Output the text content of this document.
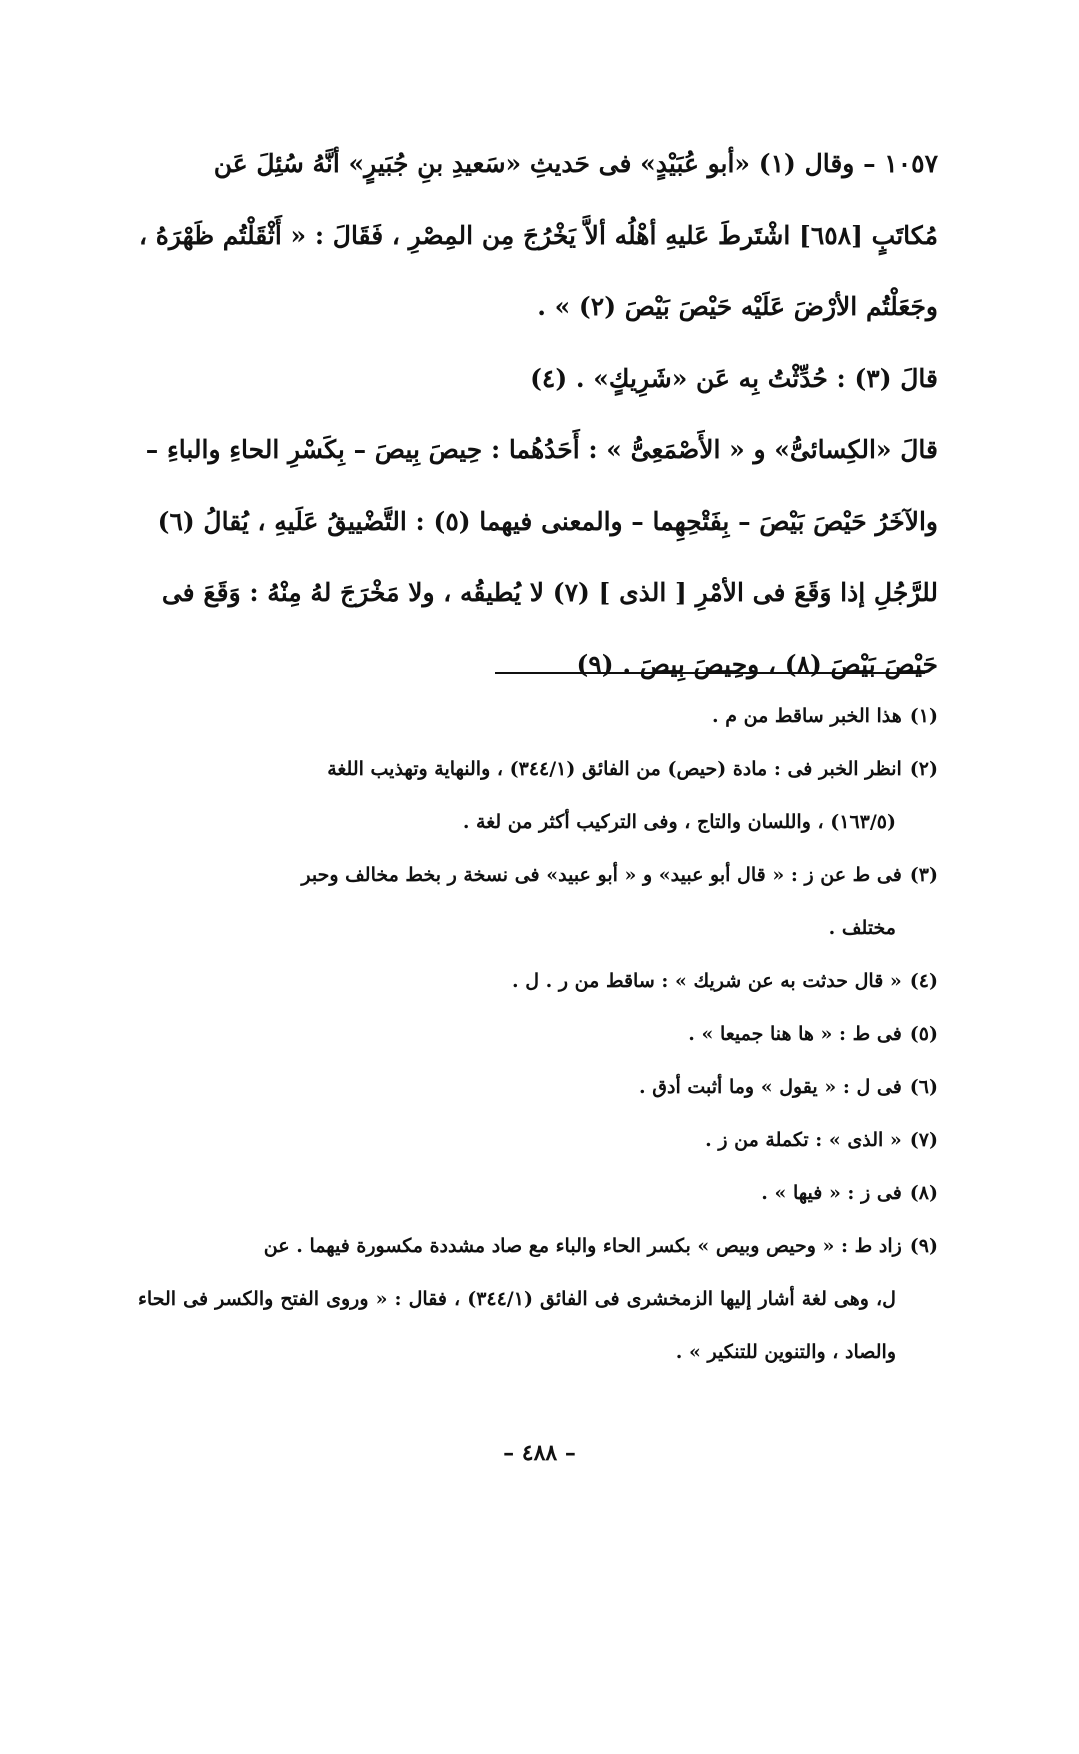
١٠٥٧ – وقال (١) «أبو عُبَيْدٍ» فى حَديثِ «سَعيدِ بنِ جُبَيرٍ» أنَّهُ سُئِلَ عَن

مُكاتَبٍ [٦٥٨] اشْتَرطَ عَليهِ أهْلُه ألاَّ يَخْرُجَ مِن المِصْرِ ، فَقَالَ : « أَثْقَلْتُم ظَهْرَهُ ،

وجَعَلْتُم الأرْضَ عَلَيْه حَيْصَ بَيْصَ (٢) » .

قالَ (٣) : حُدِّثْتُ بِه عَن «شَرِيكٍ» . (٤)

قالَ «الكِسائىُّ» و « الأَصْمَعِىُّ » : أَحَدُهُما : حِيصَ بِيصَ – بِكَسْرِ الحاءِ والباءِ –

والآخَرُ حَيْصَ بَيْصَ – بِفَتْحِهِما – والمعنى فيهما (٥) : التَّضْييقُ عَلَيهِ ، يُقالُ (٦)

للرَّجُلِ إذا وَقَعَ فى الأمْرِ [ الذى ] (٧) لا يُطيقُه ، ولا مَخْرَجَ لهُ مِنْهُ : وَقَعَ فى

حَيْصَ بَيْصَ (٨) ، وحِيصَ بِيصَ . (٩)

(١)هذا الخبر ساقط من م .
(٢)انظر الخبر فى : مادة (حيص) من الفائق (٣٤٤/١) ، والنهاية وتهذيب اللغة
(١٦٣/٥) ، واللسان والتاج ، وفى التركيب أكثر من لغة .
(٣)فى ط عن ز : « قال أبو عبيد» و « أبو عبيد» فى نسخة ر بخط مخالف وحبر
مختلف .
(٤)« قال حدثت به عن شريك » : ساقط من ر . ل .
(٥)فى ط : « ها هنا جميعا » .
(٦)فى ل : « يقول » وما أثبت أدق .
(٧)« الذى » : تكملة من ز .
(٨)فى ز : « فيها » .
(٩)زاد ط : « وحيص وبيص » بكسر الحاء والباء مع صاد مشددة مكسورة فيهما . عن
ل، وهى لغة أشار إليها الزمخشرى فى الفائق (٣٤٤/١) ، فقال : « وروى الفتح والكسر فى الحاء والصاد ، والتنوين للتنكير » .
– ٤٨٨ –
